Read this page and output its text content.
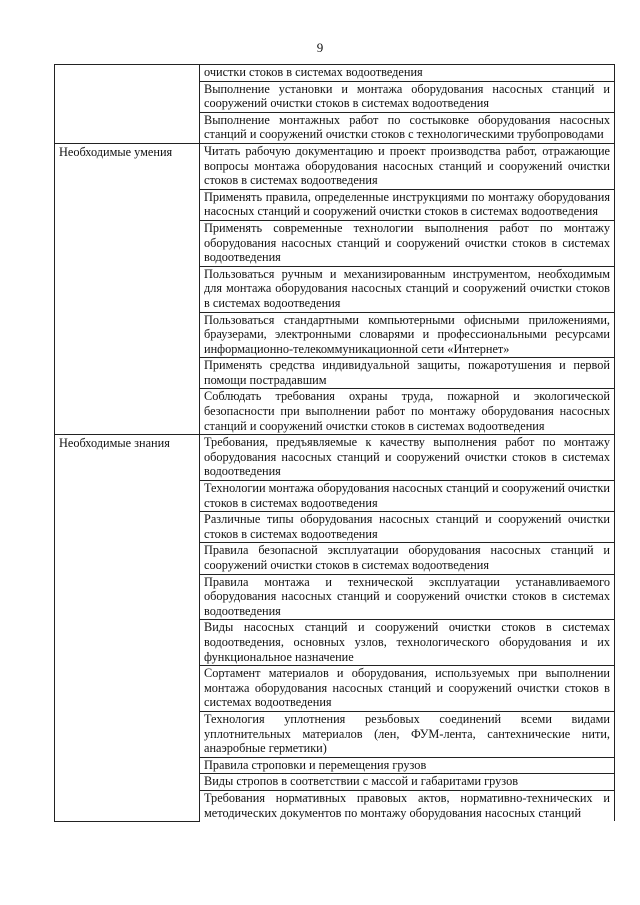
9
	очистки стоков в системах водоотведения
	Выполнение установки и монтажа оборудования насосных станций и сооружений очистки стоков в системах водоотведения
	Выполнение монтажных работ по состыковке оборудования насосных станций и сооружений очистки стоков с технологическими трубопроводами
Необходимые умения	Читать рабочую документацию и проект производства работ, отражающие вопросы монтажа оборудования насосных станций и сооружений очистки стоков в системах водоотведения
	Применять правила, определенные инструкциями по монтажу оборудования насосных станций и сооружений очистки стоков в системах водоотведения
	Применять современные технологии выполнения работ по монтажу оборудования насосных станций и сооружений очистки стоков в системах водоотведения
	Пользоваться ручным и механизированным инструментом, необходимым для монтажа оборудования насосных станций и сооружений очистки стоков в системах водоотведения
	Пользоваться стандартными компьютерными офисными приложениями, браузерами, электронными словарями и профессиональными ресурсами информационно-телекоммуникационной сети «Интернет»
	Применять средства индивидуальной защиты, пожаротушения и первой помощи пострадавшим
	Соблюдать требования охраны труда, пожарной и экологической безопасности при выполнении работ по монтажу оборудования насосных станций и сооружений очистки стоков в системах водоотведения
Необходимые знания	Требования, предъявляемые к качеству выполнения работ по монтажу оборудования насосных станций и сооружений очистки стоков в системах водоотведения
	Технологии монтажа оборудования насосных станций и сооружений очистки стоков в системах водоотведения
	Различные типы оборудования насосных станций и сооружений очистки стоков в системах водоотведения
	Правила безопасной эксплуатации оборудования насосных станций и сооружений очистки стоков в системах водоотведения
	Правила монтажа и технической эксплуатации устанавливаемого оборудования насосных станций и сооружений очистки стоков в системах водоотведения
	Виды насосных станций и сооружений очистки стоков в системах водоотведения, основных узлов, технологического оборудования и их функциональное назначение
	Сортамент материалов и оборудования, используемых при выполнении монтажа оборудования насосных станций и сооружений очистки стоков в системах водоотведения
	Технология уплотнения резьбовых соединений всеми видами уплотнительных материалов (лен, ФУМ-лента, сантехнические нити, анаэробные герметики)
	Правила строповки и перемещения грузов
	Виды стропов в соответствии с массой и габаритами грузов
	Требования нормативных правовых актов, нормативно-технических и методических документов по монтажу оборудования насосных станций
